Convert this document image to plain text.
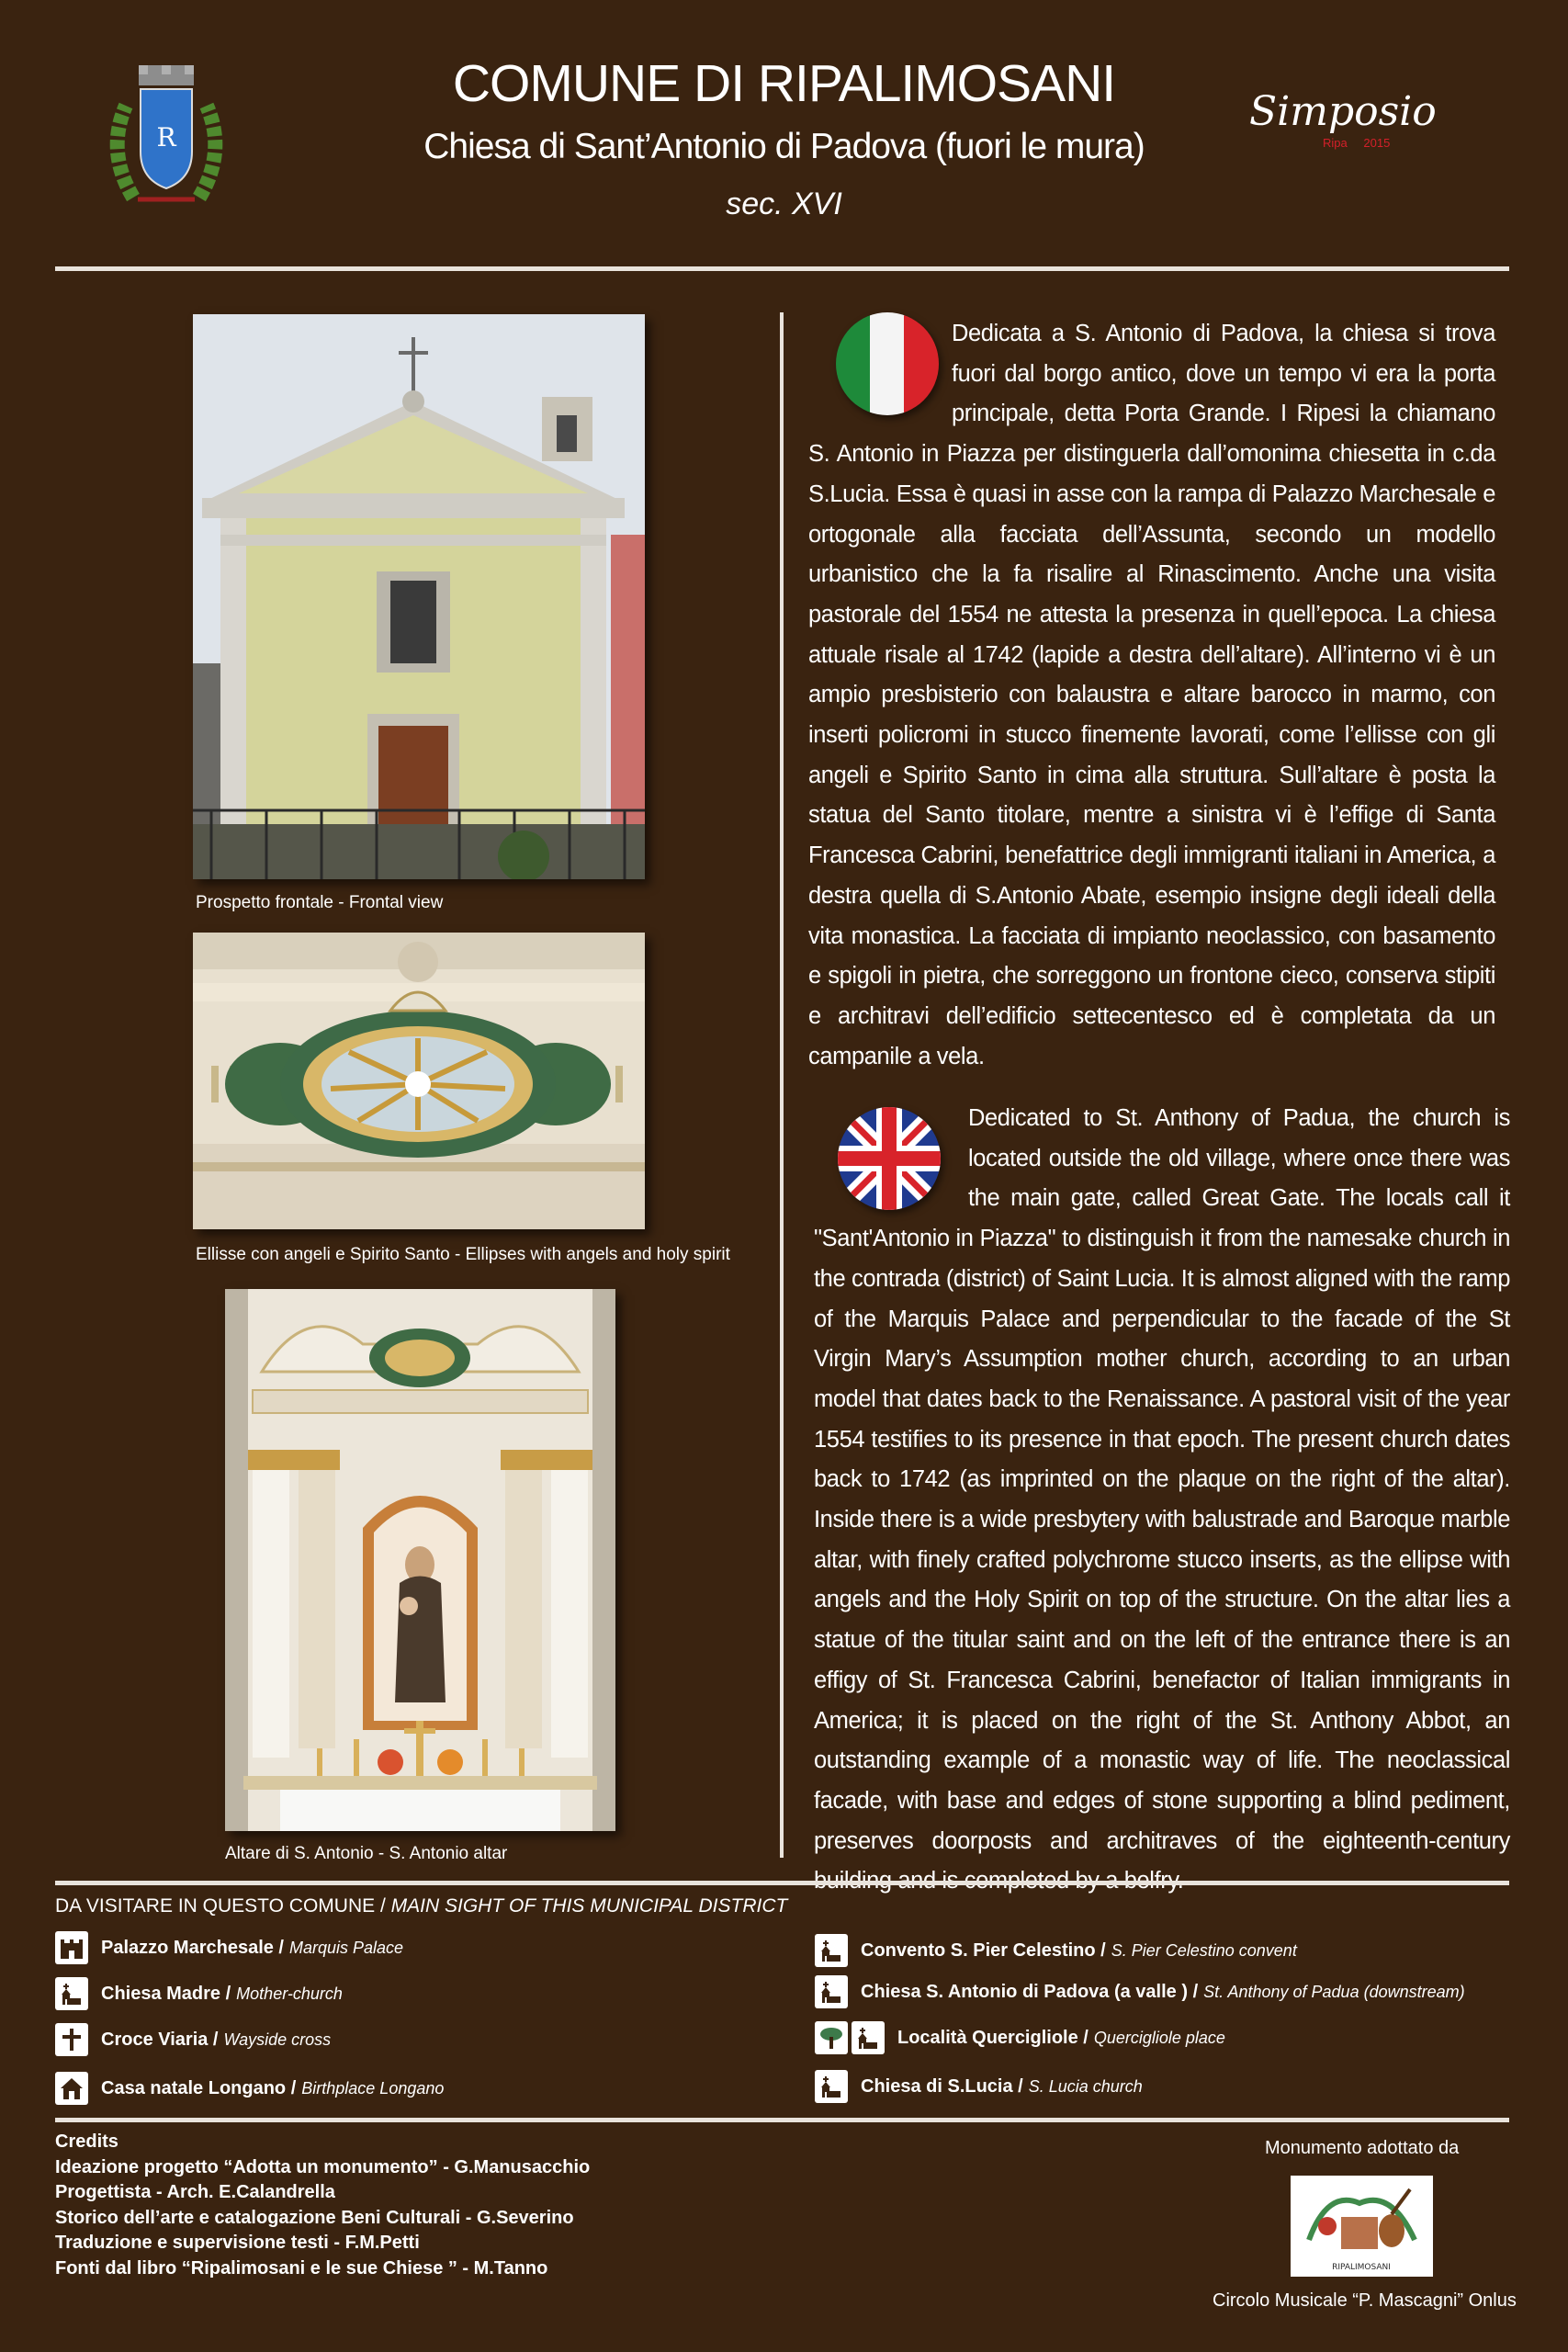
R
COMUNE DI RIPALIMOSANI
Chiesa di Sant’Antonio di Padova (fuori le mura)
sec. XVI
Simposio
Ripa 2015
Prospetto frontale - Frontal view
Ellisse con angeli e Spirito Santo - Ellipses with angels and holy spirit
Altare di S. Antonio - S. Antonio altar

Dedicata a S. Antonio di Padova, la chiesa si trova fuori dal borgo antico, dove un tempo vi era la porta principale, detta Porta Grande. I Ripesi la chiamano S. Antonio in Piazza per distinguerla dall’omonima chiesetta in c.da S.Lucia. Essa è quasi in asse con la rampa di Palazzo Marchesale e ortogonale alla facciata dell’Assunta, secondo un modello urbanistico che la fa risalire al Rinascimento. Anche una visita pastorale del 1554 ne attesta la presenza in quell’epoca. La chiesa attuale risale al 1742 (lapide a destra dell’altare). All’interno vi è un ampio presbisterio con balaustra e altare barocco in marmo, con inserti policromi in stucco finemente lavorati, come l’ellisse con gli angeli e Spirito Santo in cima alla struttura. Sull’altare è posta la statua del Santo titolare, mentre a sinistra vi è l’effige di Santa Francesca Cabrini, benefattrice degli immigranti italiani in America, a destra quella di S.Antonio Abate, esempio insigne degli ideali della vita monastica. La facciata di impianto neoclassico, con basamento e spigoli in pietra, che sorreggono un frontone cieco, conserva stipiti e architravi dell’edificio settecentesco ed è completata da un campanile a vela.

Dedicated to St. Anthony of Padua, the church is located outside the old village, where once there was the main gate, called Great Gate. The locals call it "Sant'Antonio in Piazza" to distinguish it from the namesake church in the contrada (district) of Saint Lucia. It is almost aligned with the ramp of the Marquis Palace and perpendicular to the facade of the St Virgin Mary’s Assumption mother church, according to an urban model that dates back to the Renaissance. A pastoral visit of the year 1554 testifies to its presence in that epoch. The present church dates back to 1742 (as imprinted on the plaque on the right of the altar). Inside there is a wide presbytery with balustrade and Baroque marble altar, with finely crafted polychrome stucco inserts, as the ellipse with angels and the Holy Spirit on top of the structure. On the altar lies a statue of the titular saint and on the left of the entrance there is an effigy of St. Francesca Cabrini, benefactor of Italian immigrants in America; it is placed on the right of the St. Anthony Abbot, an outstanding example of a monastic way of life. The neoclassical facade, with base and edges of stone supporting a blind pediment, preserves doorposts and architraves of the eighteenth-century

DA VISITARE IN QUESTO COMUNE / MAIN SIGHT OF THIS MUNICIPAL DISTRICT
Palazzo Marchesale / Marquis Palace
Chiesa Madre / Mother-church
Croce Viaria / Wayside cross
Casa natale Longano / Birthplace Longano
Convento S. Pier Celestino / S. Pier Celestino convent
Chiesa S. Antonio di Padova (a valle ) / St. Anthony of Padua (downstream)
Località Quercigliole / Quercigliole place
Chiesa di S.Lucia / S. Lucia church
Credits
Ideazione progetto “Adotta un monumento” - G.Manusacchio
Progettista - Arch. E.Calandrella
Storico dell’arte e catalogazione Beni Culturali - G.Severino
Traduzione e supervisione testi - F.M.Petti
Fonti dal libro “Ripalimosani e le sue Chiese ” - M.Tanno
Monumento adottato da
RIPALIMOSANI
Circolo Musicale “P. Mascagni” Onlus
